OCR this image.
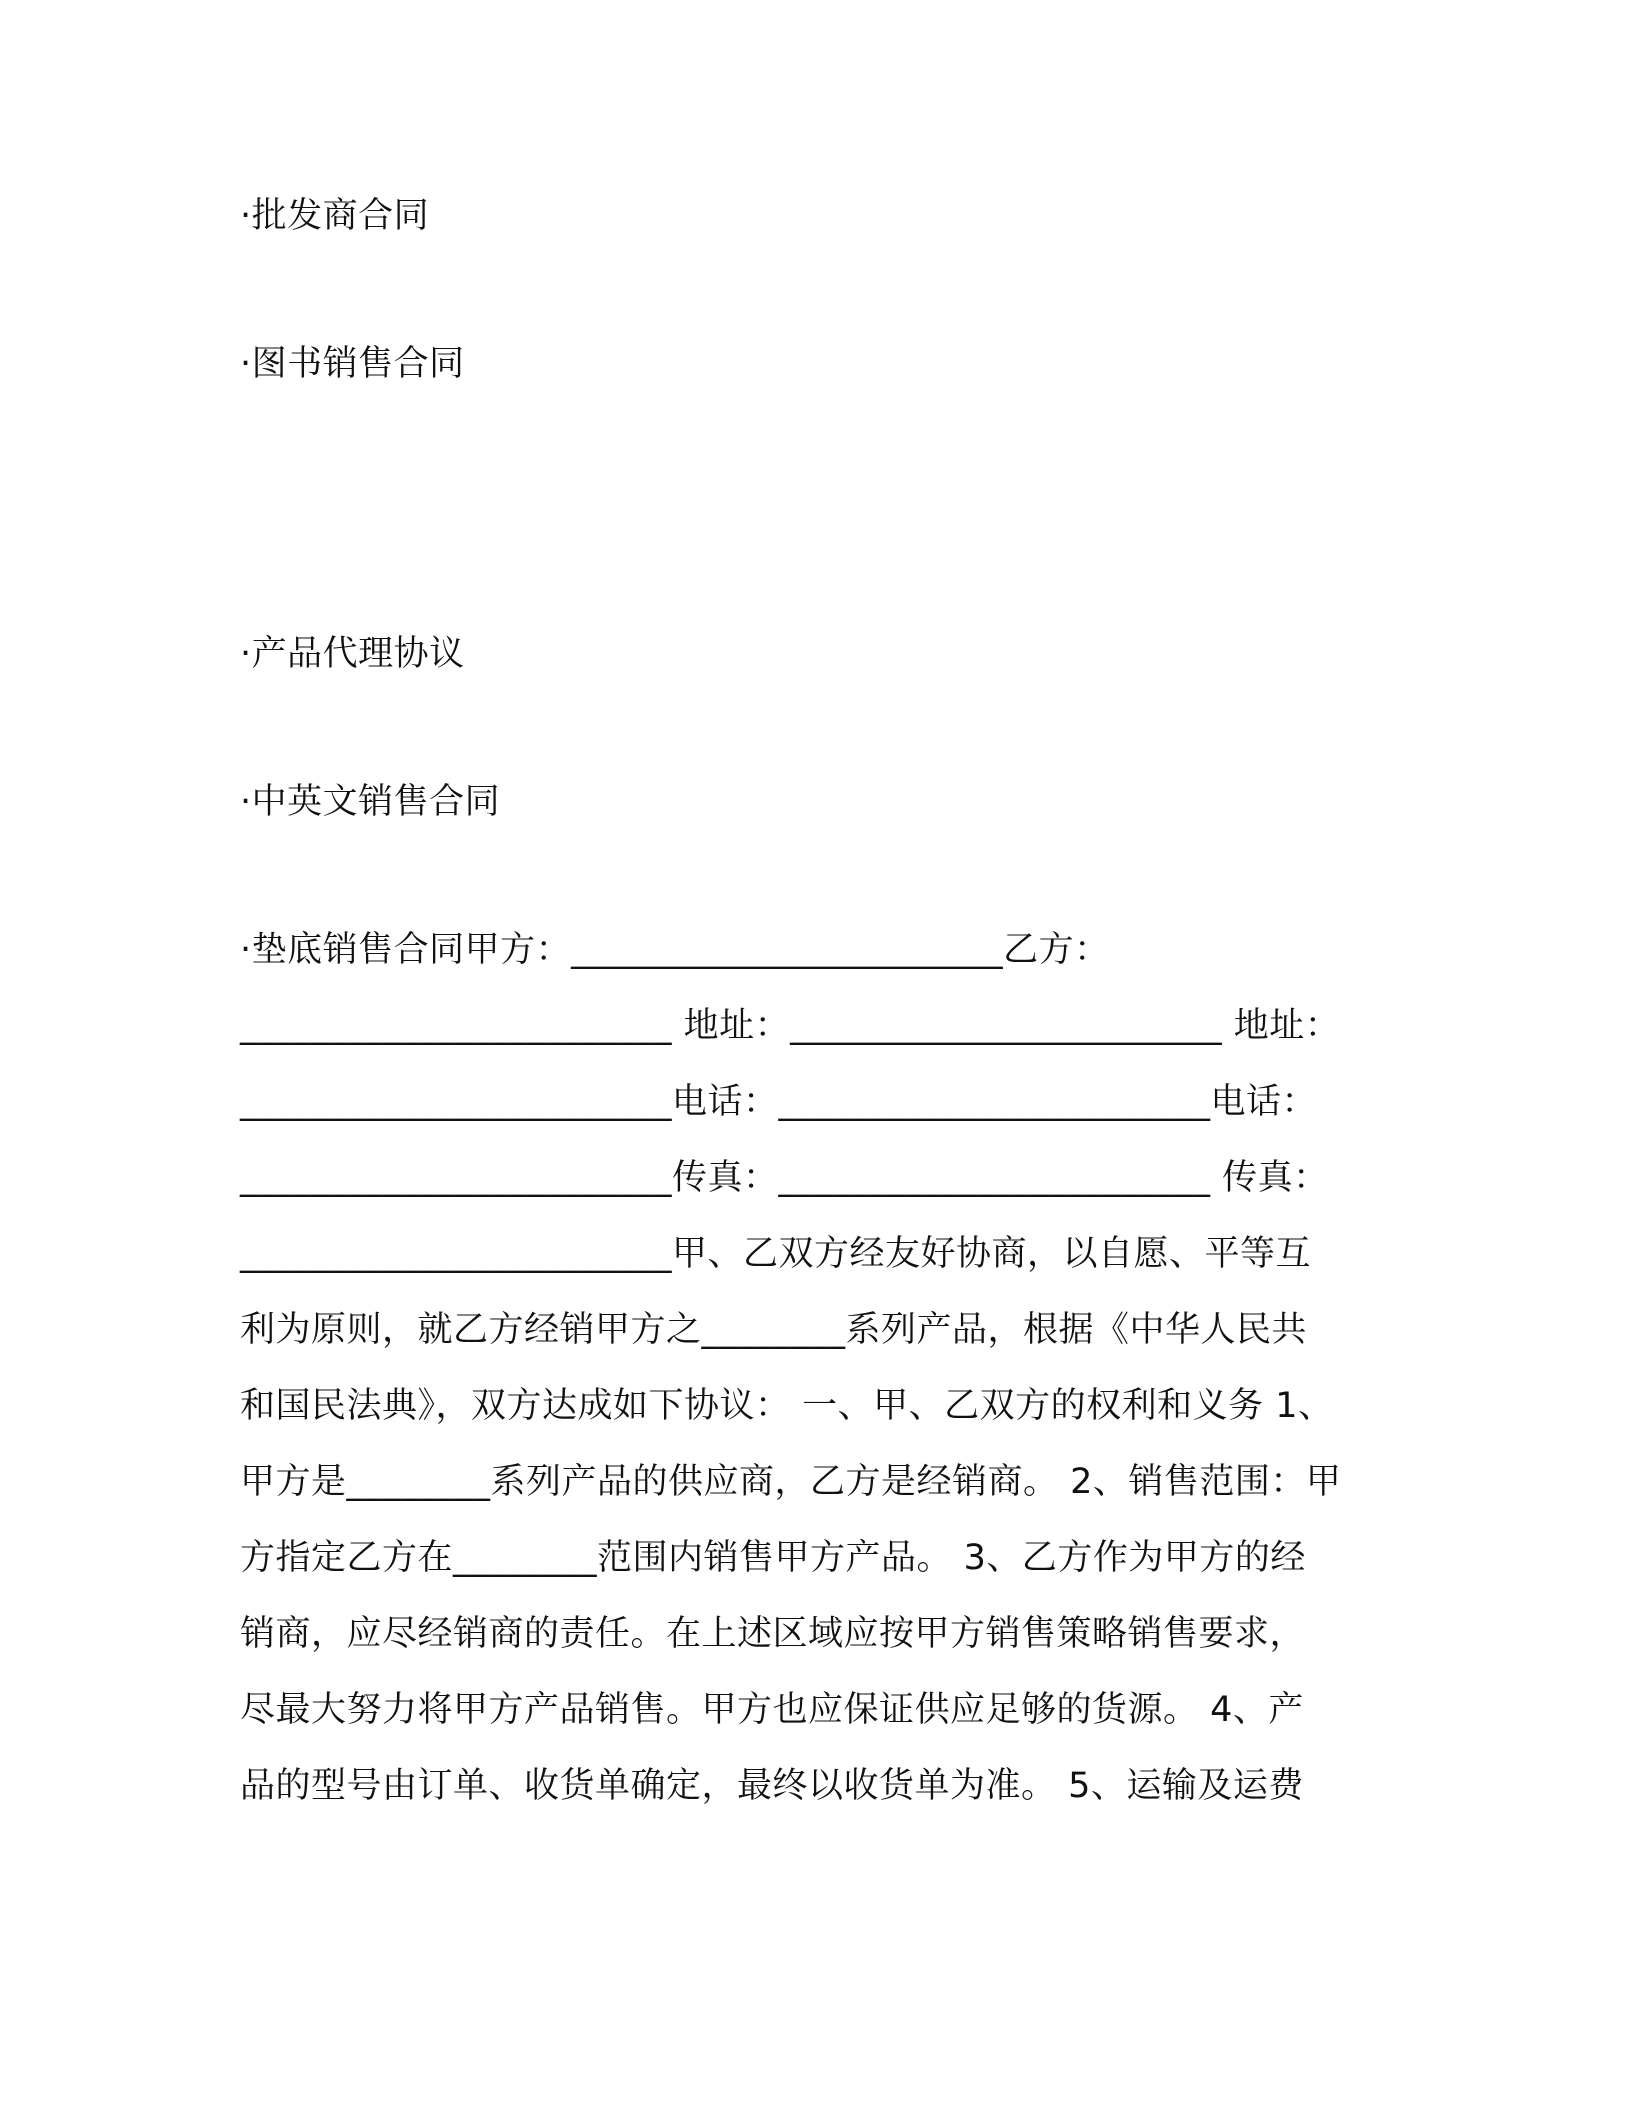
·批发商合同
·图书销售合同
·产品代理协议
·中英文销售合同
·垫底销售合同甲方：________________________乙方：
________________________ 地址：________________________ 地址：
________________________电话：________________________电话：
________________________传真：________________________ 传真：
________________________甲、乙双方经友好协商，以自愿、平等互
利为原则，就乙方经销甲方之________系列产品，根据《中华人民共
和国民法典》，双方达成如下协议： 一、甲、乙双方的权利和义务 1、
甲方是________系列产品的供应商，乙方是经销商。 2、销售范围：甲
方指定乙方在________范围内销售甲方产品。 3、乙方作为甲方的经
销商，应尽经销商的责任。在上述区域应按甲方销售策略销售要求，
尽最大努力将甲方产品销售。甲方也应保证供应足够的货源。 4、产
品的型号由订单、收货单确定，最终以收货单为准。 5、运输及运费
